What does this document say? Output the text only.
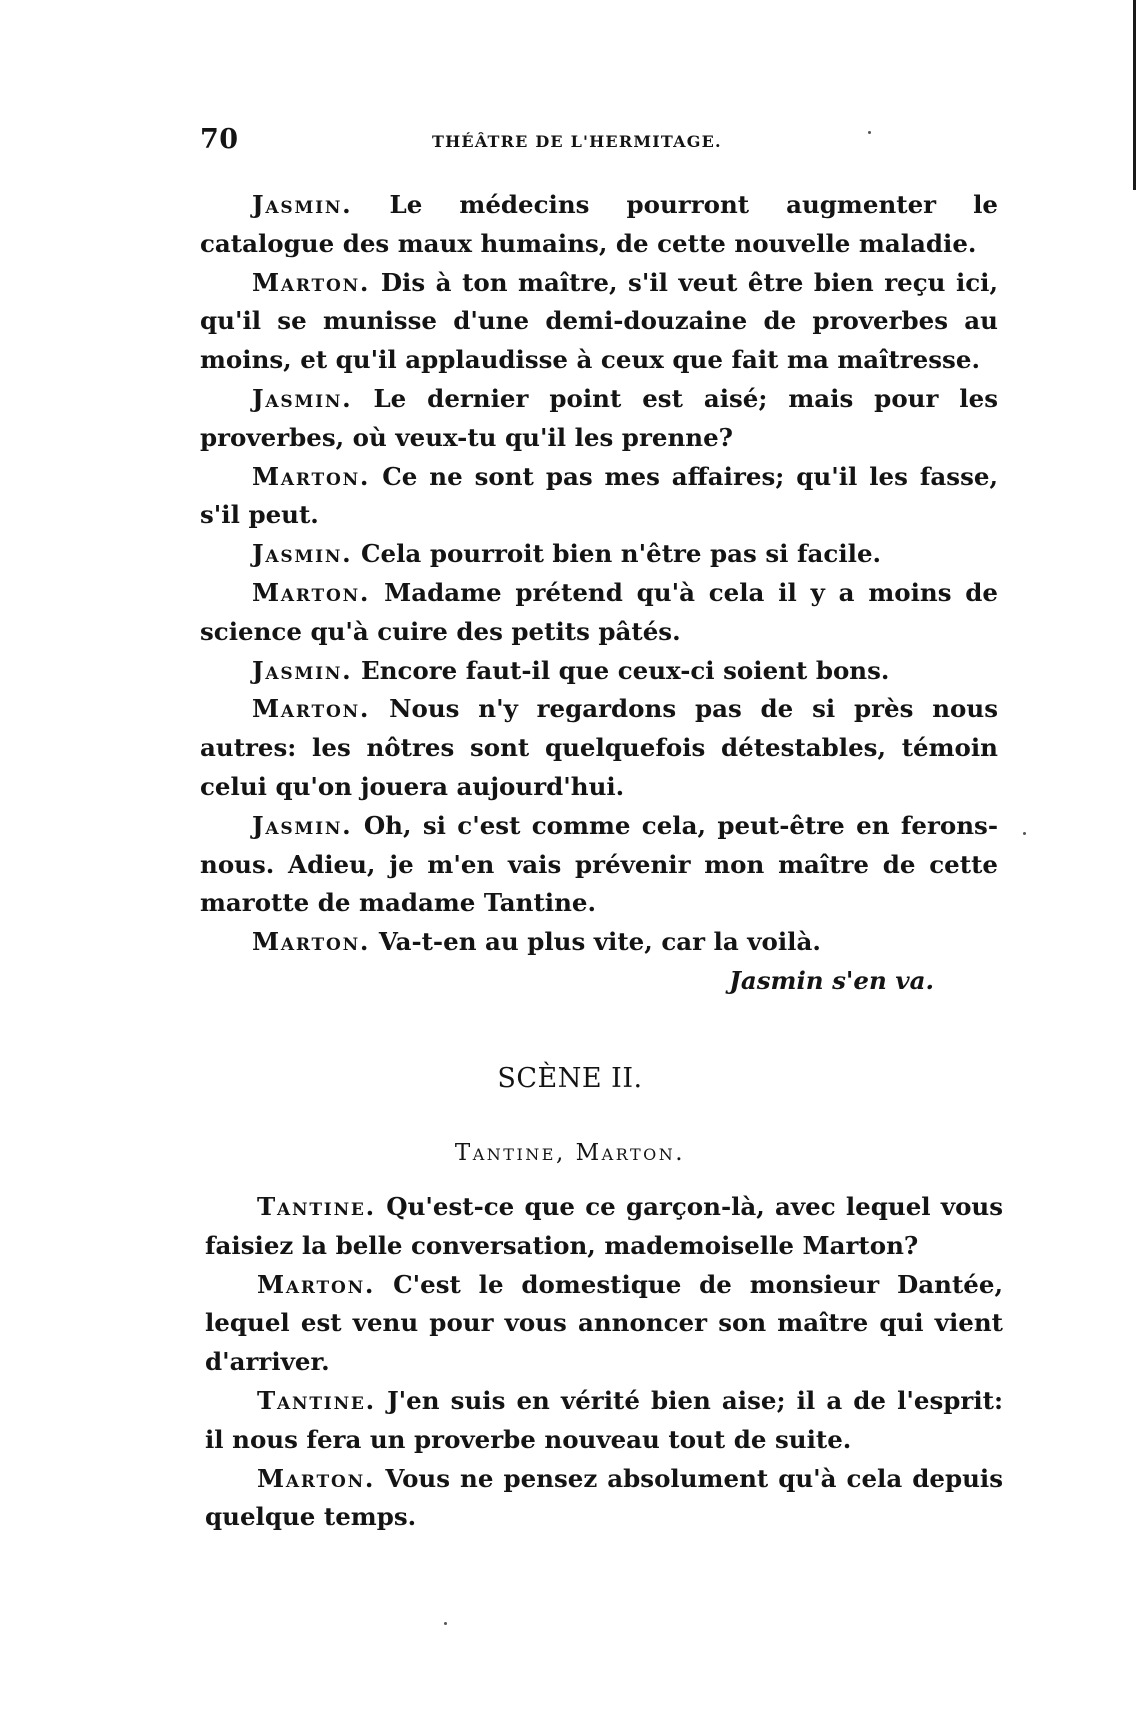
70	THÉÂTRE DE L'HERMITAGE.

Jasmin. Le médecins pourront augmenter le catalogue des maux humains, de cette nouvelle maladie.

Marton. Dis à ton maître, s'il veut être bien reçu ici, qu'il se munisse d'une demi-douzaine de proverbes au moins, et qu'il applaudisse à ceux que fait ma maîtresse.

Jasmin. Le dernier point est aisé; mais pour les proverbes, où veux-tu qu'il les prenne?

Marton. Ce ne sont pas mes affaires; qu'il les fasse, s'il peut.

Jasmin. Cela pourroit bien n'être pas si facile.

Marton. Madame prétend qu'à cela il y a moins de science qu'à cuire des petits pâtés.

Jasmin. Encore faut-il que ceux-ci soient bons.

Marton. Nous n'y regardons pas de si près nous autres: les nôtres sont quelquefois détestables, témoin celui qu'on jouera aujourd'hui.

Jasmin. Oh, si c'est comme cela, peut-être en ferons-nous. Adieu, je m'en vais prévenir mon maître de cette marotte de madame Tantine.

Marton. Va-t-en au plus vite, car la voilà.

Jasmin s'en va.

SCÈNE II.
Tantine, Marton.

Tantine. Qu'est-ce que ce garçon-là, avec lequel vous faisiez la belle conversation, mademoiselle Marton?

Marton. C'est le domestique de monsieur Dantée, lequel est venu pour vous annoncer son maître qui vient d'arriver.

Tantine. J'en suis en vérité bien aise; il a de l'esprit: il nous fera un proverbe nouveau tout de suite.

Marton. Vous ne pensez absolument qu'à cela depuis quelque temps.
